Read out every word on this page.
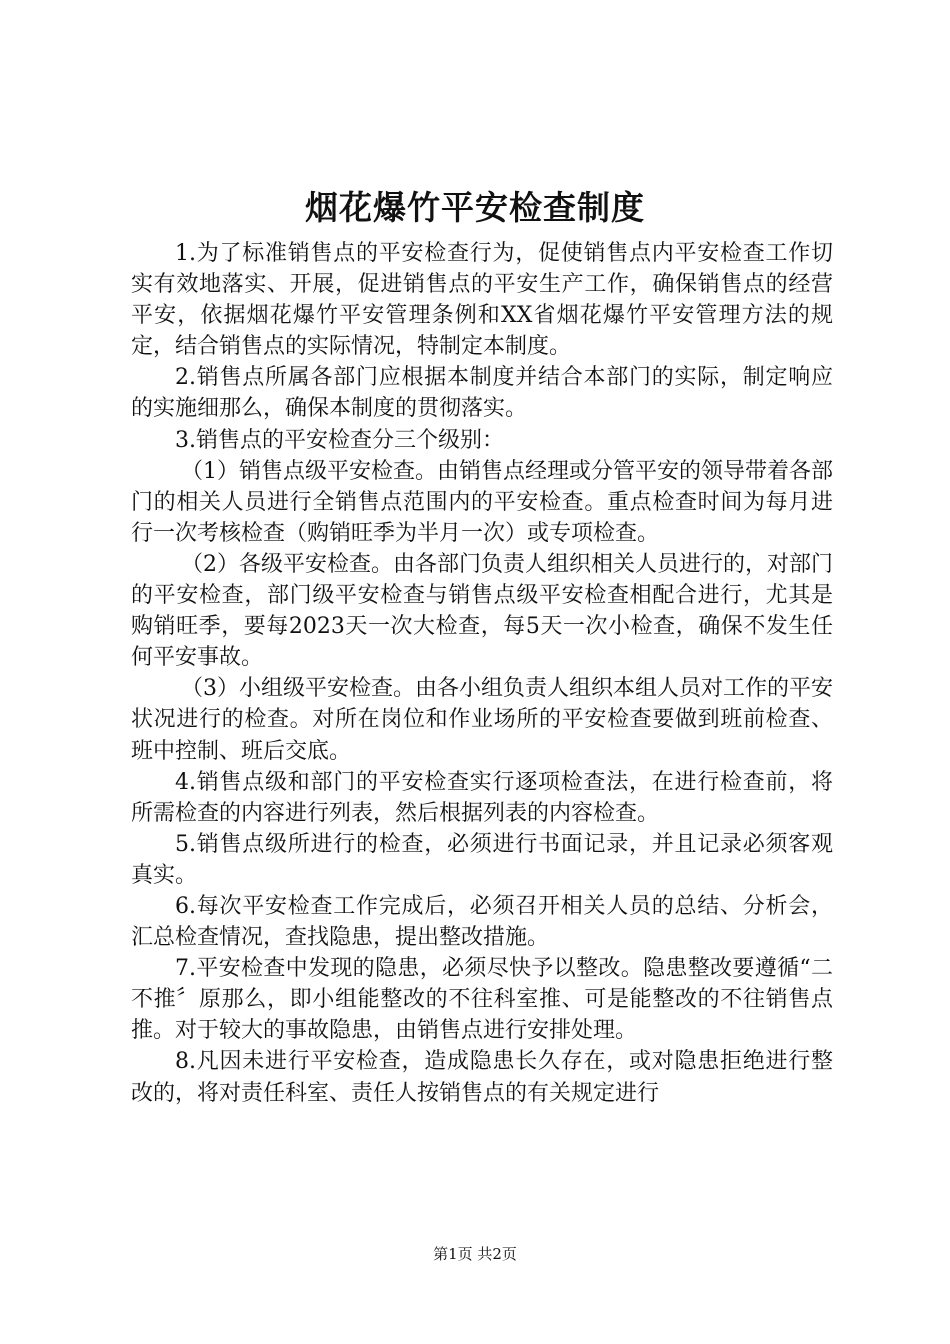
烟花爆竹平安检查制度

1.为了标准销售点的平安检查行为，促使销售点内平安检查工作切实有效地落实、开展，促进销售点的平安生产工作，确保销售点的经营平安，依据烟花爆竹平安管理条例和XX省烟花爆竹平安管理方法的规定，结合销售点的实际情况，特制定本制度。

2.销售点所属各部门应根据本制度并结合本部门的实际，制定响应的实施细那么，确保本制度的贯彻落实。

3.销售点的平安检查分三个级别：

（1）销售点级平安检查。由销售点经理或分管平安的领导带着各部门的相关人员进行全销售点范围内的平安检查。重点检查时间为每月进行一次考核检查（购销旺季为半月一次）或专项检查。

（2）各级平安检查。由各部门负责人组织相关人员进行的，对部门的平安检查，部门级平安检查与销售点级平安检查相配合进行，尤其是购销旺季，要每2023天一次大检查，每5天一次小检查，确保不发生任何平安事故。

（3）小组级平安检查。由各小组负责人组织本组人员对工作的平安状况进行的检查。对所在岗位和作业场所的平安检查要做到班前检查、班中控制、班后交底。

4.销售点级和部门的平安检查实行逐项检查法，在进行检查前，将所需检查的内容进行列表，然后根据列表的内容检查。

5.销售点级所进行的检查，必须进行书面记录，并且记录必须客观真实。

6.每次平安检查工作完成后，必须召开相关人员的总结、分析会，汇总检查情况，查找隐患，提出整改措施。

7.平安检查中发现的隐患，必须尽快予以整改。隐患整改要遵循“二不推〞原那么，即小组能整改的不往科室推、可是能整改的不往销售点推。对于较大的事故隐患，由销售点进行安排处理。

8.凡因未进行平安检查，造成隐患长久存在，或对隐患拒绝进行整改的，将对责任科室、责任人按销售点的有关规定进行

第1页 共2页
